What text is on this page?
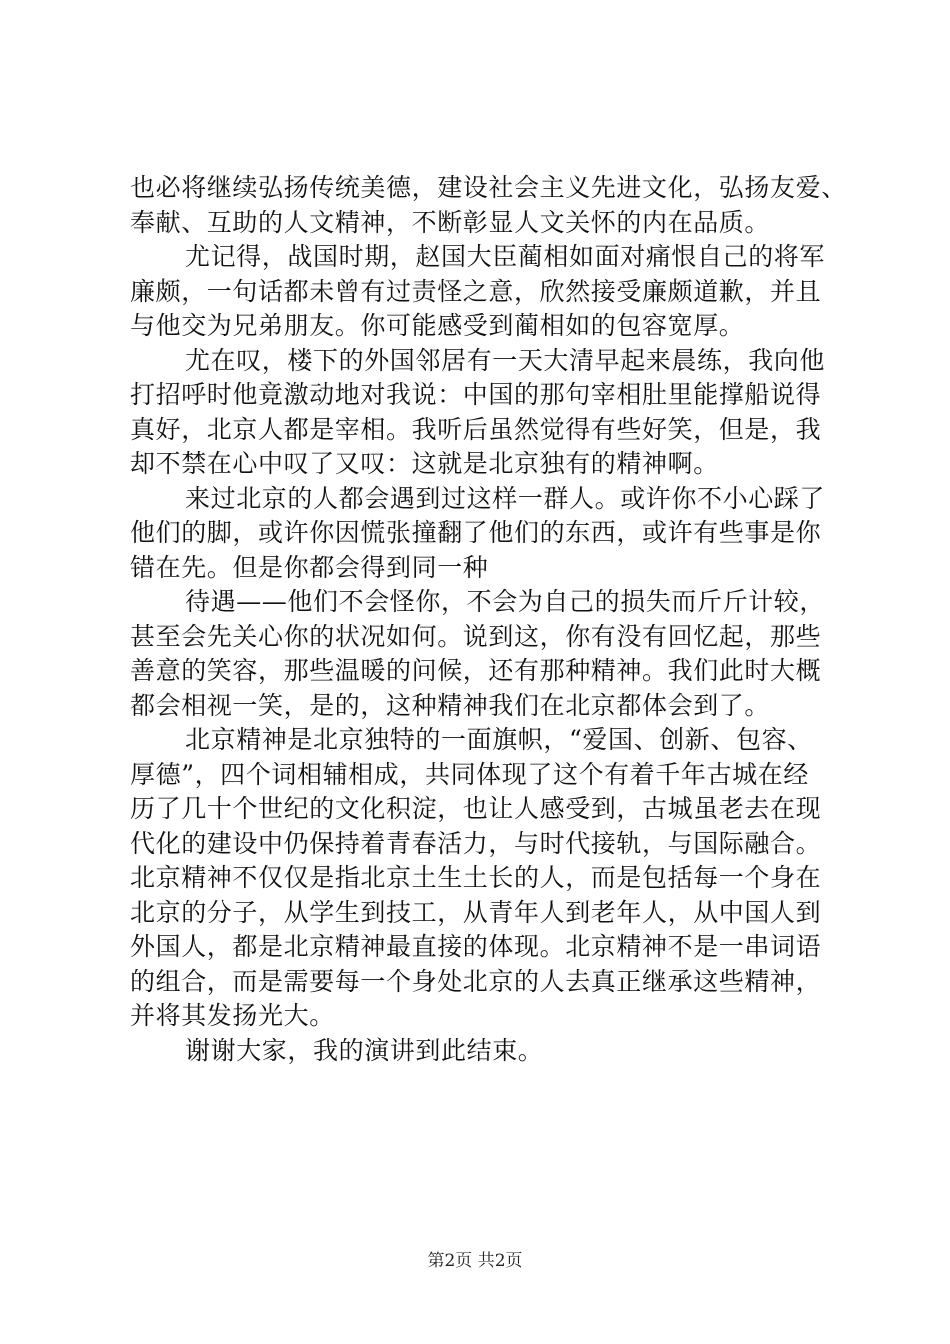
也必将继续弘扬传统美德，建设社会主义先进文化，弘扬友爱、
奉献、互助的人文精神，不断彰显人文关怀的内在品质。
尤记得，战国时期，赵国大臣蔺相如面对痛恨自己的将军
廉颇，一句话都未曾有过责怪之意，欣然接受廉颇道歉，并且
与他交为兄弟朋友。你可能感受到蔺相如的包容宽厚。
尤在叹，楼下的外国邻居有一天大清早起来晨练，我向他
打招呼时他竟激动地对我说：中国的那句宰相肚里能撑船说得
真好，北京人都是宰相。我听后虽然觉得有些好笑，但是，我
却不禁在心中叹了又叹：这就是北京独有的精神啊。
来过北京的人都会遇到过这样一群人。或许你不小心踩了
他们的脚，或许你因慌张撞翻了他们的东西，或许有些事是你
错在先。但是你都会得到同一种
待遇——他们不会怪你，不会为自己的损失而斤斤计较，
甚至会先关心你的状况如何。说到这，你有没有回忆起，那些
善意的笑容，那些温暖的问候，还有那种精神。我们此时大概
都会相视一笑，是的，这种精神我们在北京都体会到了。
北京精神是北京独特的一面旗帜，“爱国、创新、包容、
厚德”，四个词相辅相成，共同体现了这个有着千年古城在经
历了几十个世纪的文化积淀，也让人感受到，古城虽老去在现
代化的建设中仍保持着青春活力，与时代接轨，与国际融合。
北京精神不仅仅是指北京土生土长的人，而是包括每一个身在
北京的分子，从学生到技工，从青年人到老年人，从中国人到
外国人，都是北京精神最直接的体现。北京精神不是一串词语
的组合，而是需要每一个身处北京的人去真正继承这些精神，
并将其发扬光大。
谢谢大家，我的演讲到此结束。
第2页 共2页
